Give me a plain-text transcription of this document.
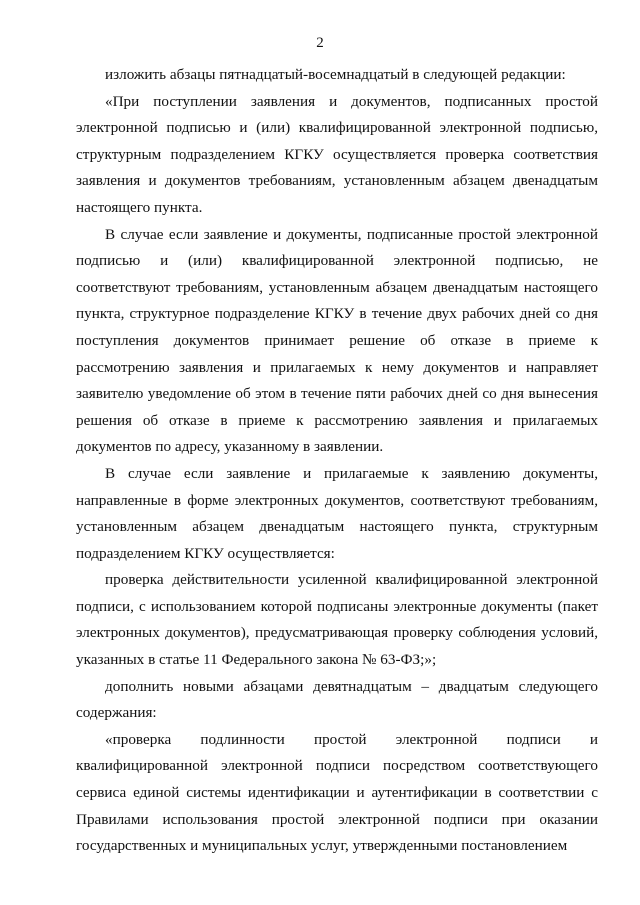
2

изложить абзацы пятнадцатый-восемнадцатый в следующей редакции:

«При поступлении заявления и документов, подписанных простой электронной подписью и (или) квалифицированной электронной подписью, структурным подразделением КГКУ осуществляется проверка соответствия заявления и документов требованиям, установленным абзацем двенадцатым настоящего пункта.

В случае если заявление и документы, подписанные простой электронной подписью и (или) квалифицированной электронной подписью, не соответствуют требованиям, установленным абзацем двенадцатым настоящего пункта, структурное подразделение КГКУ в течение двух рабочих дней со дня поступления документов принимает решение об отказе в приеме к рассмотрению заявления и прилагаемых к нему документов и направляет заявителю уведомление об этом в течение пяти рабочих дней со дня вынесения решения об отказе в приеме к рассмотрению заявления и прилагаемых документов по адресу, указанному в заявлении.

В случае если заявление и прилагаемые к заявлению документы, направленные в форме электронных документов, соответствуют требованиям, установленным абзацем двенадцатым настоящего пункта, структурным подразделением КГКУ осуществляется:

проверка действительности усиленной квалифицированной электронной подписи, с использованием которой подписаны электронные документы (пакет электронных документов), предусматривающая проверку соблюдения условий, указанных в статье 11 Федерального закона № 63-ФЗ;»;

дополнить новыми абзацами девятнадцатым – двадцатым следующего содержания:

«проверка подлинности простой электронной подписи и квалифицированной электронной подписи посредством соответствующего сервиса единой системы идентификации и аутентификации в соответствии с Правилами использования простой электронной подписи при оказании государственных и муниципальных услуг, утвержденными постановлением
